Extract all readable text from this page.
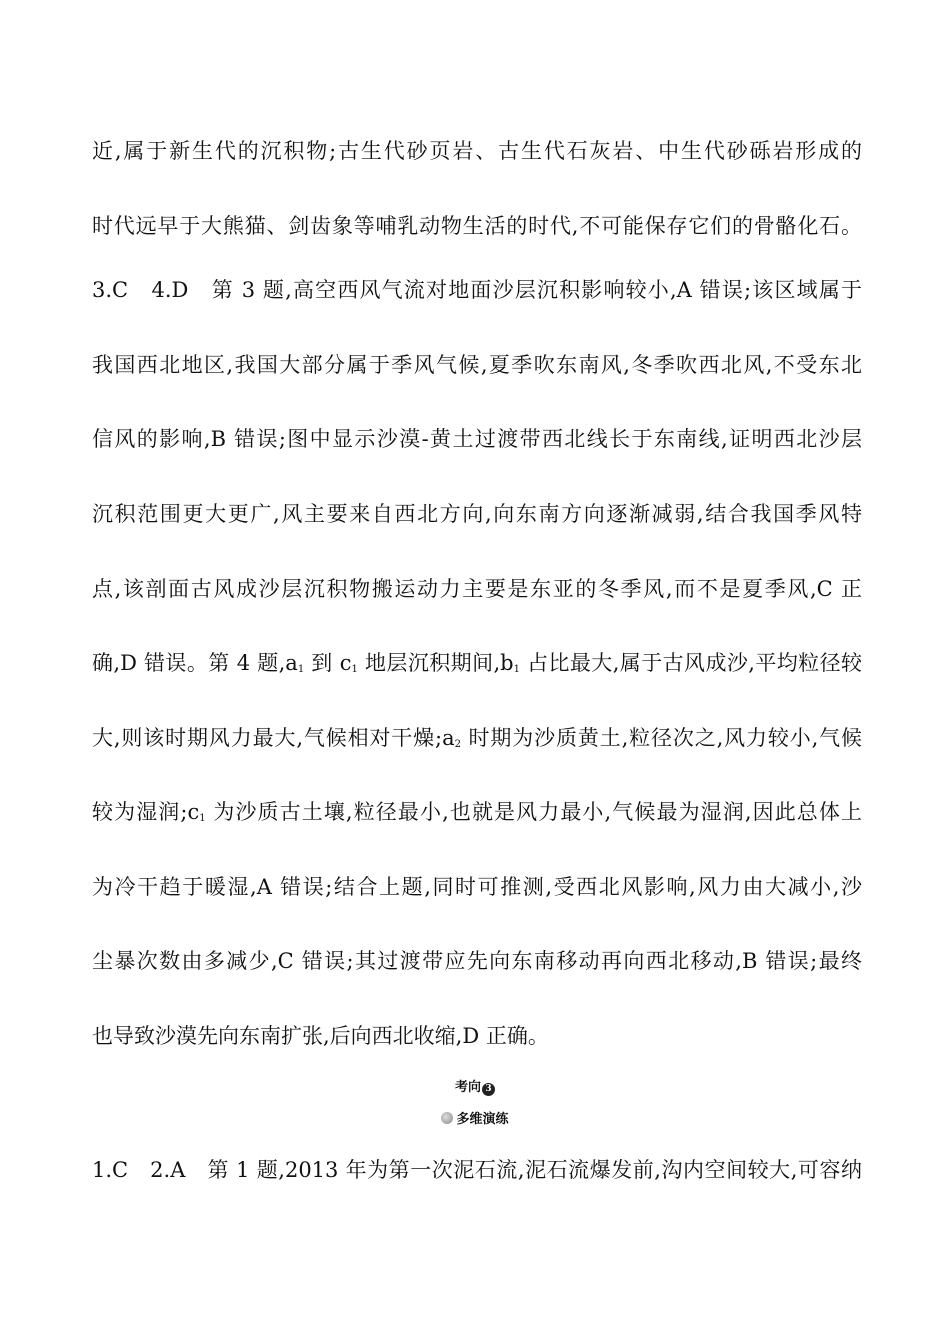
近,属于新生代的沉积物;古生代砂页岩、古生代石灰岩、中生代砂砾岩形成的
时代远早于大熊猫、剑齿象等哺乳动物生活的时代,不可能保存它们的骨骼化石。
3.C　4.D　第 3 题,高空西风气流对地面沙层沉积影响较小,A 错误;该区域属于
我国西北地区,我国大部分属于季风气候,夏季吹东南风,冬季吹西北风,不受东北
信风的影响,B 错误;图中显示沙漠-黄土过渡带西北线长于东南线,证明西北沙层
沉积范围更大更广,风主要来自西北方向,向东南方向逐渐减弱,结合我国季风特
点,该剖面古风成沙层沉积物搬运动力主要是东亚的冬季风,而不是夏季风,C 正
确,D 错误。第 4 题$,a_1$ 到 $c_1$ 地层沉积期间$,b_1$ 占比最大,属于古风成沙,平均粒径较
大,则该时期风力最大,气候相对干燥$;a_2$ 时期为沙质黄土,粒径次之,风力较小,气候
较为湿润$;c_1$ 为沙质古土壤,粒径最小,也就是风力最小,气候最为湿润,因此总体上
为冷干趋于暖湿,A 错误;结合上题,同时可推测,受西北风影响,风力由大减小,沙
尘暴次数由多减少,C 错误;其过渡带应先向东南移动再向西北移动,B 错误;最终
也导致沙漠先向东南扩张,后向西北收缩,D 正确。
考向 3
多维演练
1.C　2.A　第 1 题,2013 年为第一次泥石流,泥石流爆发前,沟内空间较大,可容纳
